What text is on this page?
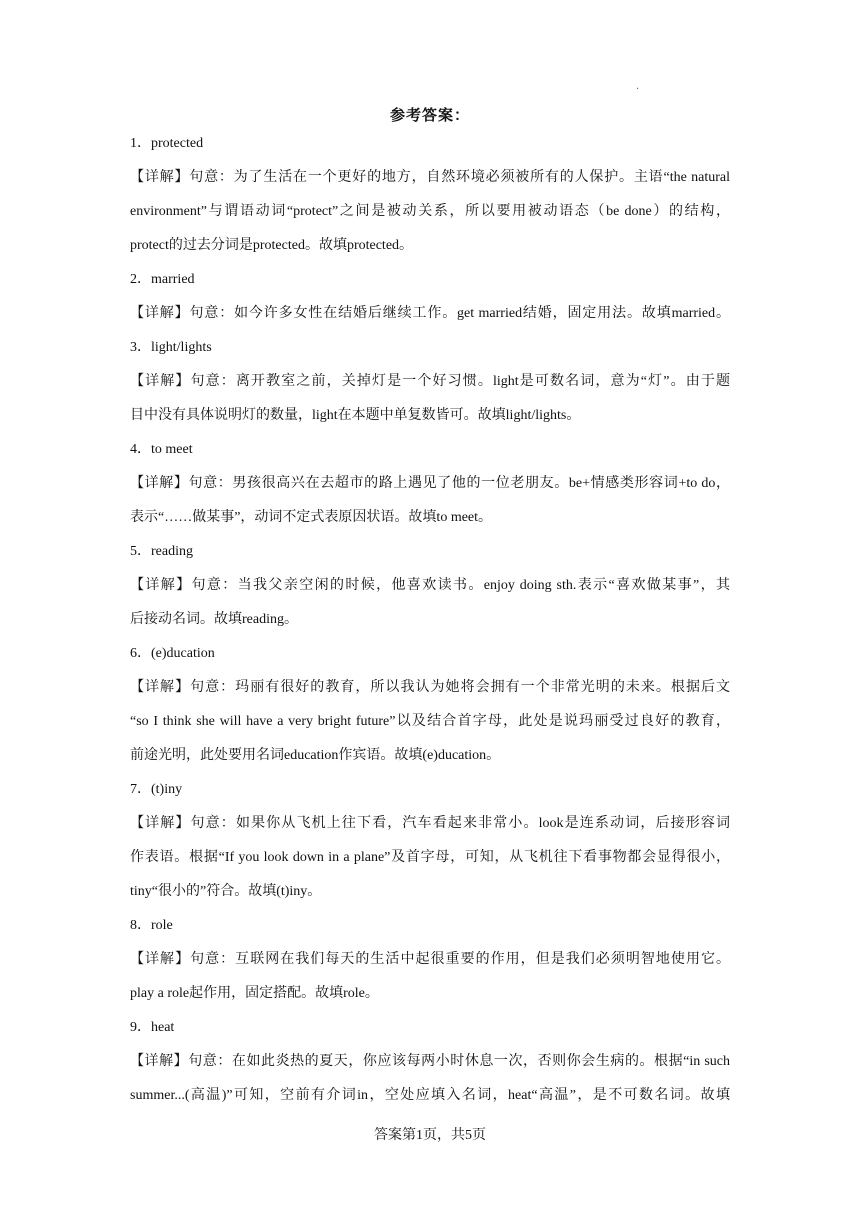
·
参考答案：
1．protected
【详解】句意：为了生活在一个更好的地方，自然环境必须被所有的人保护。主语“the natural
environment”与谓语动词“protect”之间是被动关系，所以要用被动语态（be done）的结构，
protect的过去分词是protected。故填protected。
2．married
【详解】句意：如今许多女性在结婚后继续工作。get married结婚，固定用法。故填married。
3．light/lights
【详解】句意：离开教室之前，关掉灯是一个好习惯。light是可数名词，意为“灯”。由于题
目中没有具体说明灯的数量，light在本题中单复数皆可。故填light/lights。
4．to meet
【详解】句意：男孩很高兴在去超市的路上遇见了他的一位老朋友。be+情感类形容词+to do，
表示“……做某事”，动词不定式表原因状语。故填to meet。
5．reading
【详解】句意：当我父亲空闲的时候，他喜欢读书。enjoy doing sth.表示“喜欢做某事”，其
后接动名词。故填reading。
6．(e)ducation
【详解】句意：玛丽有很好的教育，所以我认为她将会拥有一个非常光明的未来。根据后文
“so I think she will have a very bright future”以及结合首字母，此处是说玛丽受过良好的教育，
前途光明，此处要用名词education作宾语。故填(e)ducation。
7．(t)iny
【详解】句意：如果你从飞机上往下看，汽车看起来非常小。look是连系动词，后接形容词
作表语。根据“If you look down in a plane”及首字母，可知，从飞机往下看事物都会显得很小，
tiny“很小的”符合。故填(t)iny。
8．role
【详解】句意：互联网在我们每天的生活中起很重要的作用，但是我们必须明智地使用它。
play a role起作用，固定搭配。故填role。
9．heat
【详解】句意：在如此炎热的夏天，你应该每两小时休息一次，否则你会生病的。根据“in such
summer...(高温)”可知，空前有介词in，空处应填入名词，heat“高温”，是不可数名词。故填
答案第1页，共5页
